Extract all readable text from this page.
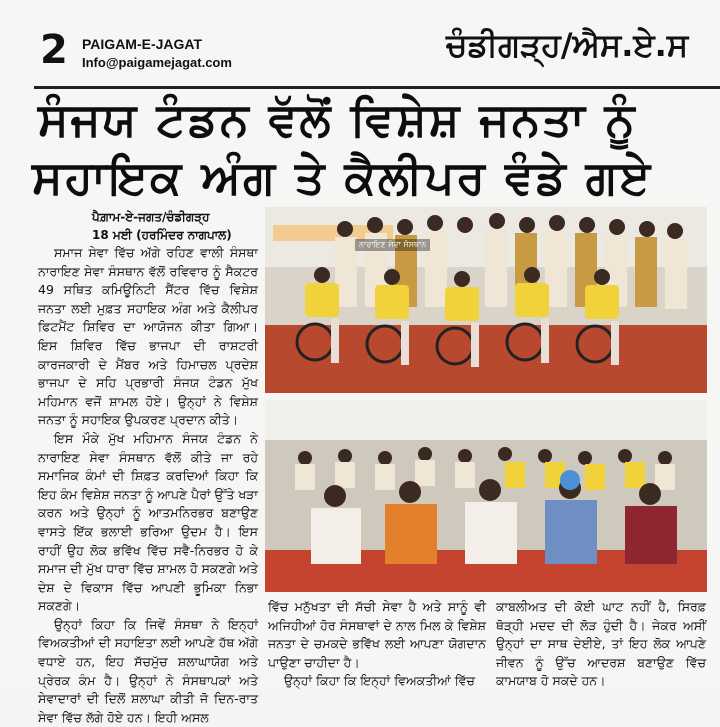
2 PAIGAM-E-JAGAT
Info@paigamejagat.com	ਚੰਡੀਗੜ੍ਹ/ਐਸ.ਏ.ਸ
ਸੰਜਯ ਟੰਡਨ ਵੱਲੋਂ ਵਿਸ਼ੇਸ਼ ਜਨਤਾ ਨੂੰ
ਸਹਾਇਕ ਅੰਗ ਤੇ ਕੈਲੀਪਰ ਵੰਡੇ ਗਏ
ਪੈਗ਼ਾਮ-ਏ-ਜਗਤ/ਚੰਡੀਗੜ੍ਹ
18 ਮਈ (ਹਰਮਿੰਦਰ ਨਾਗਪਾਲ)

ਸਮਾਜ ਸੇਵਾ ਵਿੱਚ ਅੱਗੇ ਰਹਿਣ ਵਾਲੀ ਸੰਸਥਾ ਨਾਰਾਇਣ ਸੇਵਾ ਸੰਸਥਾਨ ਵੱਲੋਂ ਰਵਿਵਾਰ ਨੂੰ ਸੈਕਟਰ 49 ਸਥਿਤ ਕਮਿਊਨਿਟੀ ਸੈਂਟਰ ਵਿੱਚ ਵਿਸ਼ੇਸ਼ ਜਨਤਾ ਲਈ ਮੁਫ਼ਤ ਸਹਾਇਕ ਅੰਗ ਅਤੇ ਕੈਲੀਪਰ ਫਿਟਮੈਂਟ ਸ਼ਿਵਿਰ ਦਾ ਆਯੋਜਨ ਕੀਤਾ ਗਿਆ। ਇਸ ਸ਼ਿਵਿਰ ਵਿੱਚ ਭਾਜਪਾ ਦੀ ਰਾਸ਼ਟਰੀ ਕਾਰਜਕਾਰੀ ਦੇ ਮੈਂਬਰ ਅਤੇ ਹਿਮਾਚਲ ਪ੍ਰਦੇਸ਼ ਭਾਜਪਾ ਦੇ ਸਹਿ ਪ੍ਰਭਾਰੀ ਸੰਜਯ ਟੰਡਨ ਮੁੱਖ ਮਹਿਮਾਨ ਵਜੋਂ ਸ਼ਾਮਲ ਹੋਏ। ਉਨ੍ਹਾਂ ਨੇ ਵਿਸ਼ੇਸ਼ ਜਨਤਾ ਨੂੰ ਸਹਾਇਕ ਉਪਕਰਣ ਪ੍ਰਦਾਨ ਕੀਤੇ।

ਇਸ ਮੌਕੇ ਮੁੱਖ ਮਹਿਮਾਨ ਸੰਜਯ ਟੰਡਨ ਨੇ ਨਾਰਾਇਣ ਸੇਵਾ ਸੰਸਥਾਨ ਵੱਲੋਂ ਕੀਤੇ ਜਾ ਰਹੇ ਸਮਾਜਿਕ ਕੰਮਾਂ ਦੀ ਸ਼ਿਫ਼ਤ ਕਰਦਿਆਂ ਕਿਹਾ ਕਿ ਇਹ ਕੰਮ ਵਿਸ਼ੇਸ਼ ਜਨਤਾ ਨੂੰ ਆਪਣੇ ਪੈਰਾਂ ਉੱਤੇ ਖੜਾ ਕਰਨ ਅਤੇ ਉਨ੍ਹਾਂ ਨੂੰ ਆਤਮਨਿਰਭਰ ਬਣਾਉਣ ਵਾਸਤੇ ਇੱਕ ਭਲਾਈ ਭਰਿਆ ਉਦਮ ਹੈ। ਇਸ ਰਾਹੀਂ ਉਹ ਲੋਕ ਭਵਿੱਖ ਵਿੱਚ ਸਵੈ-ਨਿਰਭਰ ਹੋ ਕੇ ਸਮਾਜ ਦੀ ਮੁੱਖ ਧਾਰਾ ਵਿੱਚ ਸ਼ਾਮਲ ਹੋ ਸਕਣਗੇ ਅਤੇ ਦੇਸ਼ ਦੇ ਵਿਕਾਸ ਵਿੱਚ ਆਪਣੀ ਭੂਮਿਕਾ ਨਿਭਾ ਸਕਣਗੇ।

ਉਨ੍ਹਾਂ ਕਿਹਾ ਕਿ ਜਿਵੇਂ ਸੰਸਥਾ ਨੇ ਇਨ੍ਹਾਂ ਵਿਅਕਤੀਆਂ ਦੀ ਸਹਾਇਤਾ ਲਈ ਆਪਣੇ ਹੱਥ ਅੱਗੇ ਵਧਾਏ ਹਨ, ਇਹ ਸੱਚਮੁੱਚ ਸ਼ਲਾਘਾਯੋਗ ਅਤੇ ਪ੍ਰੇਰਕ ਕੰਮ ਹੈ। ਉਨ੍ਹਾਂ ਨੇ ਸੰਸਥਾਪਕਾਂ ਅਤੇ ਸੇਵਾਦਾਰਾਂ ਦੀ ਦਿਲੋਂ ਸ਼ਲਾਘਾ ਕੀਤੀ ਜੋ ਦਿਨ-ਰਾਤ ਸੇਵਾ ਵਿੱਚ ਲੱਗੇ ਹੋਏ ਹਨ। ਇਹੀ ਅਸਲ

ਨਾਰਾਇਣ ਸੇਵਾ ਸੰਸਥਾਨ

ਵਿੱਚ ਮਨੁੱਖਤਾ ਦੀ ਸੱਚੀ ਸੇਵਾ ਹੈ ਅਤੇ ਸਾਨੂੰ ਵੀ ਅਜਿਹੀਆਂ ਹੋਰ ਸੰਸਥਾਵਾਂ ਦੇ ਨਾਲ ਮਿਲ ਕੇ ਵਿਸ਼ੇਸ਼ ਜਨਤਾ ਦੇ ਚਮਕਦੇ ਭਵਿੱਖ ਲਈ ਆਪਣਾ ਯੋਗਦਾਨ ਪਾਉਣਾ ਚਾਹੀਦਾ ਹੈ।

ਉਨ੍ਹਾਂ ਕਿਹਾ ਕਿ ਇਨ੍ਹਾਂ ਵਿਅਕਤੀਆਂ ਵਿੱਚ

ਕਾਬਲੀਅਤ ਦੀ ਕੋਈ ਘਾਟ ਨਹੀਂ ਹੈ, ਸਿਰਫ਼ ਥੋੜ੍ਹੀ ਮਦਦ ਦੀ ਲੋੜ ਹੁੰਦੀ ਹੈ। ਜੇਕਰ ਅਸੀਂ ਉਨ੍ਹਾਂ ਦਾ ਸਾਥ ਦੇਈਏ, ਤਾਂ ਇਹ ਲੋਕ ਆਪਣੇ ਜੀਵਨ ਨੂੰ ਉੱਚ ਆਦਰਸ਼ ਬਣਾਉਣ ਵਿੱਚ ਕਾਮਯਾਬ ਹੋ ਸਕਦੇ ਹਨ।
